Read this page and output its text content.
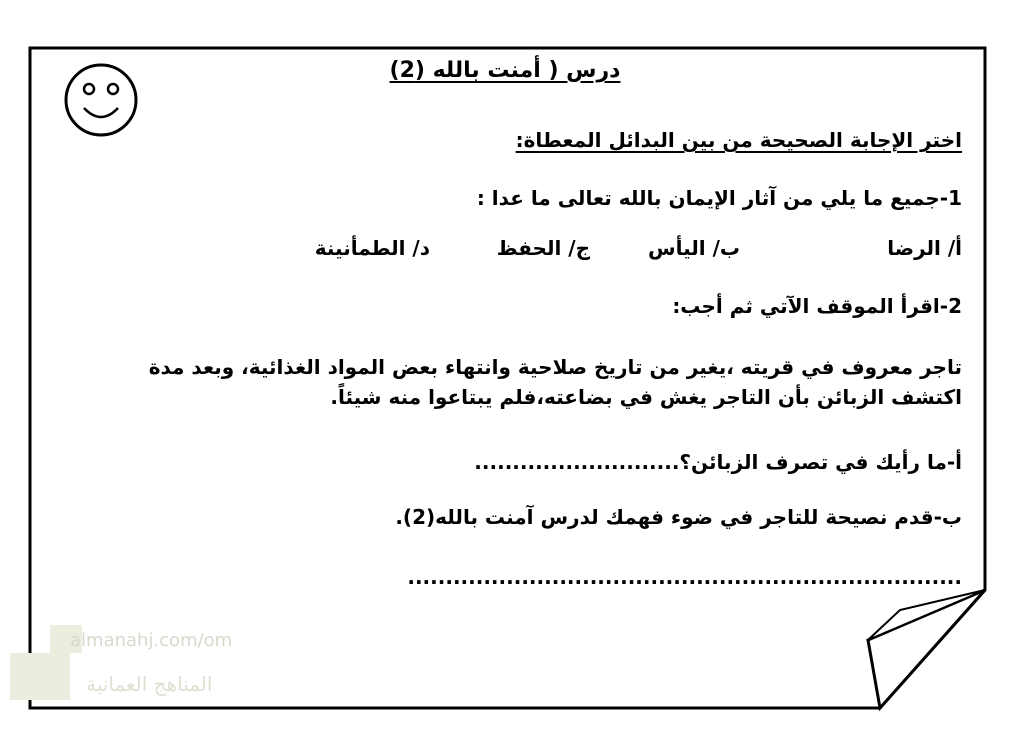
almanahj.com/om
المناهج العمانية
درس ( أمنت بالله (2)
اختر الإجابة الصحيحة من بين البدائل المعطاة:
1-جميع ما يلي من آثار الإيمان بالله تعالى ما عدا :
أ/ الرضا
ب/ اليأس
ج/ الحفظ
د/ الطمأنينة
2-اقرأ الموقف الآتي ثم أجب:
تاجر معروف في قريته ،يغير من تاريخ صلاحية وانتهاء بعض المواد الغذائية، وبعد مدة اكتشف الزبائن بأن التاجر يغش في بضاعته،فلم يبتاعوا منه شيئاً.
أ-ما رأيك في تصرف الزبائن؟...........................
ب-قدم نصيحة للتاجر في ضوء فهمك لدرس آمنت بالله(2).
.........................................................................
